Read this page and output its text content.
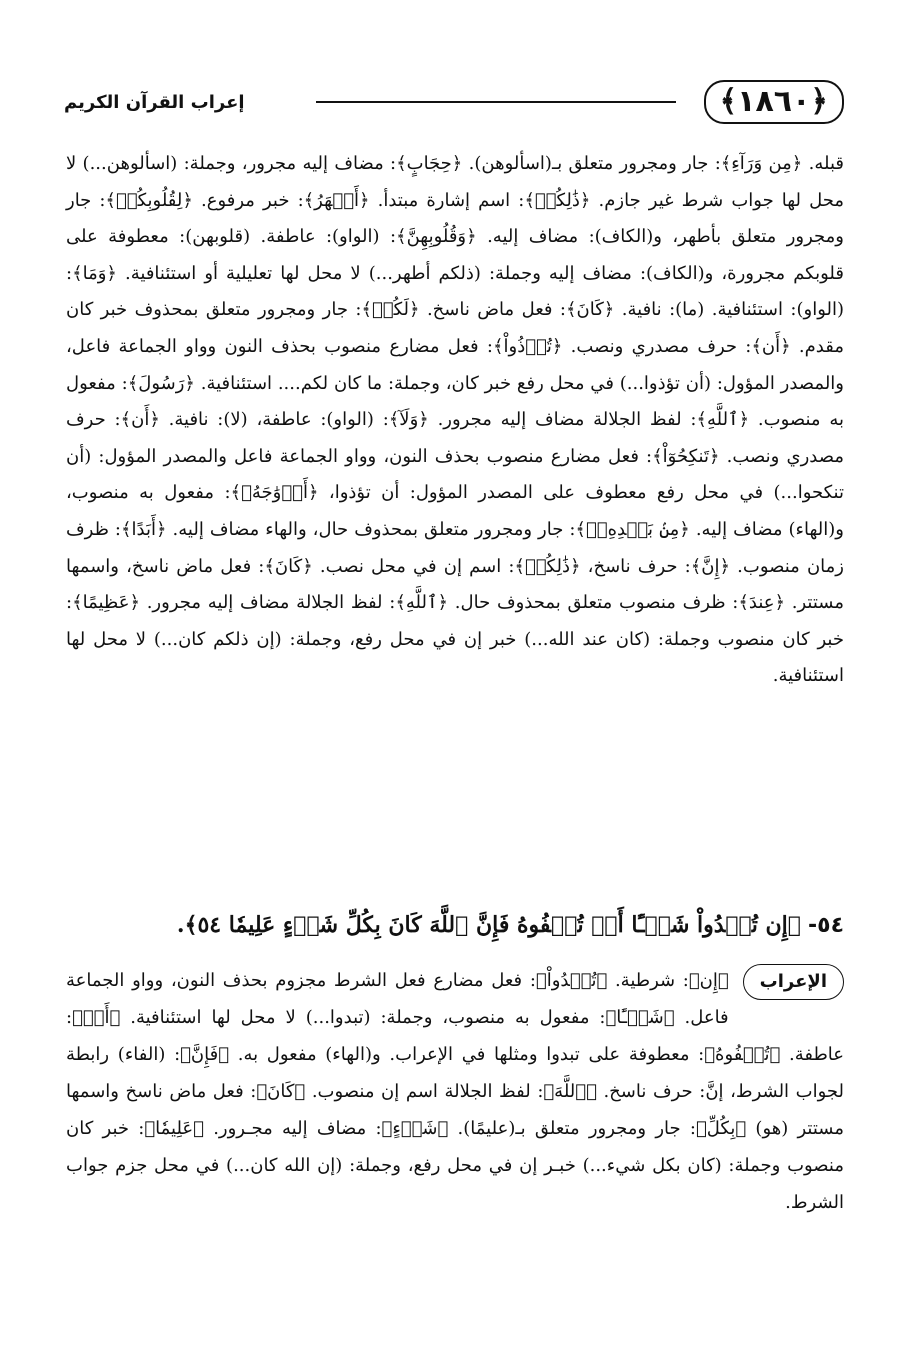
﴿١٨٦٠﴾
إعراب القرآن الكريم
قبله. ﴿مِن وَرَآءِ﴾: جار ومجرور متعلق بـ(اسألوهن). ﴿حِجَابٍ﴾: مضاف إليه مجرور، وجملة: (اسألوهن...) لا محل لها جواب شرط غير جازم. ﴿ذَٰلِكُمۡ﴾: اسم إشارة مبتدأ. ﴿أَطۡهَرُ﴾: خبر مرفوع. ﴿لِقُلُوبِكُمۡ﴾: جار ومجرور متعلق بأطهر، و(الكاف): مضاف إليه. ﴿وَقُلُوبِهِنَّ﴾: (الواو): عاطفة. (قلوبهن): معطوفة على قلوبكم مجرورة، و(الكاف): مضاف إليه وجملة: (ذلكم أطهر...) لا محل لها تعليلية أو استئنافية. ﴿وَمَا﴾: (الواو): استئنافية. (ما): نافية. ﴿كَانَ﴾: فعل ماض ناسخ. ﴿لَكُمۡ﴾: جار ومجرور متعلق بمحذوف خبر كان مقدم. ﴿أَن﴾: حرف مصدري ونصب. ﴿تُؤۡذُواْ﴾: فعل مضارع منصوب بحذف النون وواو الجماعة فاعل، والمصدر المؤول: (أن تؤذوا...) في محل رفع خبر كان، وجملة: ما كان لكم.... استئنافية. ﴿رَسُولَ﴾: مفعول به منصوب. ﴿ٱللَّهِ﴾: لفظ الجلالة مضاف إليه مجرور. ﴿وَلَآ﴾: (الواو): عاطفة، (لا): نافية. ﴿أَن﴾: حرف مصدري ونصب. ﴿تَنكِحُوٓاْ﴾: فعل مضارع منصوب بحذف النون، وواو الجماعة فاعل والمصدر المؤول: (أن تنكحوا...) في محل رفع معطوف على المصدر المؤول: أن تؤذوا، ﴿أَزۡوَٰجَهُۥ﴾: مفعول به منصوب، و(الهاء) مضاف إليه. ﴿مِنۢ بَعۡدِهِۦٓ﴾: جار ومجرور متعلق بمحذوف حال، والهاء مضاف إليه. ﴿أَبَدًا﴾: ظرف زمان منصوب. ﴿إِنَّ﴾: حرف ناسخ، ﴿ذَٰلِكُمۡ﴾: اسم إن في محل نصب. ﴿كَانَ﴾: فعل ماض ناسخ، واسمها مستتر. ﴿عِندَ﴾: ظرف منصوب متعلق بمحذوف حال. ﴿ٱللَّهِ﴾: لفظ الجلالة مضاف إليه مجرور. ﴿عَظِيمًا﴾: خبر كان منصوب وجملة: (كان عند الله...) خبر إن في محل رفع، وجملة: (إن ذلكم كان...) لا محل لها استئنافية.
٥٤- ﴿إِن تُبۡدُواْ شَيۡـًٔا أَوۡ تُخۡفُوهُ فَإِنَّ ٱللَّهَ كَانَ بِكُلِّ شَيۡءٍ عَلِيمٗا ٥٤﴾.
الإعراب
﴿إِن﴾: شرطية. ﴿تُبۡدُواْ﴾: فعل مضارع فعل الشرط مجزوم بحذف النون، وواو الجماعة فاعل. ﴿شَيۡـًٔا﴾: مفعول به منصوب، وجملة: (تبدوا...) لا محل لها استئنافية. ﴿أَوۡ﴾: عاطفة. ﴿تُخۡفُوهُ﴾: معطوفة على تبدوا ومثلها في الإعراب. و(الهاء) مفعول به. ﴿فَإِنَّ﴾: (الفاء) رابطة لجواب الشرط، إنَّ: حرف ناسخ. ﴿ٱللَّهَ﴾: لفظ الجلالة اسم إن منصوب. ﴿كَانَ﴾: فعل ماض ناسخ واسمها مستتر (هو) ﴿بِكُلِّ﴾: جار ومجرور متعلق بـ(عليمًا). ﴿شَيۡءٍ﴾: مضاف إليه مجـرور. ﴿عَلِيمٗا﴾: خبر كان منصوب وجملة: (كان بكل شيء...) خبـر إن في محل رفع، وجملة: (إن الله كان...) في محل جزم جواب الشرط.
